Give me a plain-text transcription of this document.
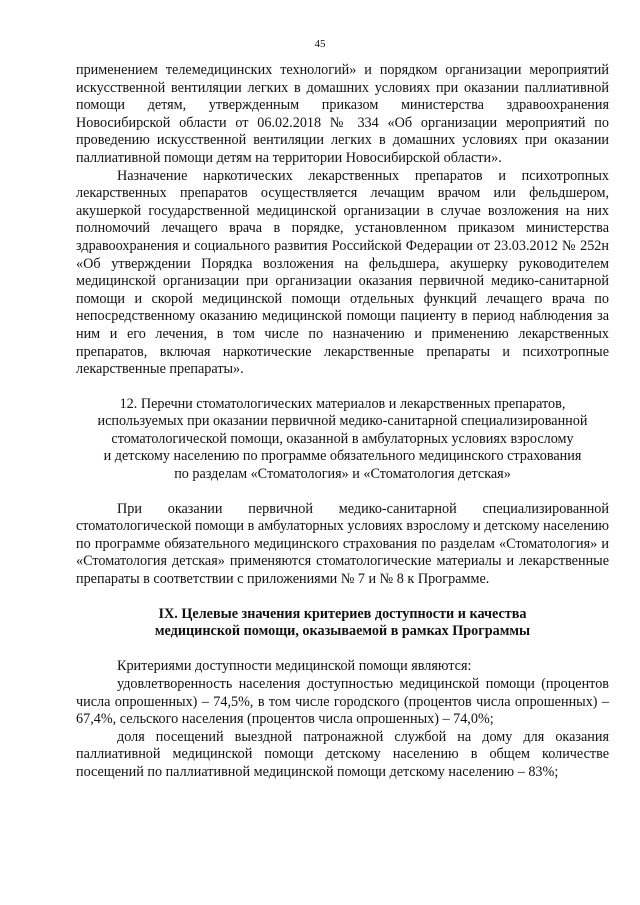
45

применением телемедицинских технологий» и порядком организации мероприятий искусственной вентиляции легких в домашних условиях при оказании паллиативной помощи детям, утвержденным приказом министерства здравоохранения Новосибирской области от 06.02.2018 № 334 «Об организации мероприятий по проведению искусственной вентиляции легких в домашних условиях при оказании паллиативной помощи детям на территории Новосибирской области».

Назначение наркотических лекарственных препаратов и психотропных лекарственных препаратов осуществляется лечащим врачом или фельдшером, акушеркой государственной медицинской организации в случае возложения на них полномочий лечащего врача в порядке, установленном приказом министерства здравоохранения и социального развития Российской Федерации от 23.03.2012 № 252н «Об утверждении Порядка возложения на фельдшера, акушерку руководителем медицинской организации при организации оказания первичной медико-санитарной помощи и скорой медицинской помощи отдельных функций лечащего врача по непосредственному оказанию медицинской помощи пациенту в период наблюдения за ним и его лечения, в том числе по назначению и применению лекарственных препаратов, включая наркотические лекарственные препараты и психотропные лекарственные препараты».

12. Перечни стоматологических материалов и лекарственных препаратов,

используемых при оказании первичной медико-санитарной специализированной

стоматологической помощи, оказанной в амбулаторных условиях взрослому

и детскому населению по программе обязательного медицинского страхования

по разделам «Стоматология» и «Стоматология детская»

При оказании первичной медико-санитарной специализированной стоматологической помощи в амбулаторных условиях взрослому и детскому населению по программе обязательного медицинского страхования по разделам «Стоматология» и «Стоматология детская» применяются стоматологические материалы и лекарственные препараты в соответствии с приложениями № 7 и № 8 к Программе.

IX. Целевые значения критериев доступности и качества

медицинской помощи, оказываемой в рамках Программы

Критериями доступности медицинской помощи являются:

удовлетворенность населения доступностью медицинской помощи (процентов числа опрошенных) – 74,5%, в том числе городского (процентов числа опрошенных) – 67,4%, сельского населения (процентов числа опрошенных) – 74,0%;

доля посещений выездной патронажной службой на дому для оказания паллиативной медицинской помощи детскому населению в общем количестве посещений по паллиативной медицинской помощи детскому населению – 83%;
